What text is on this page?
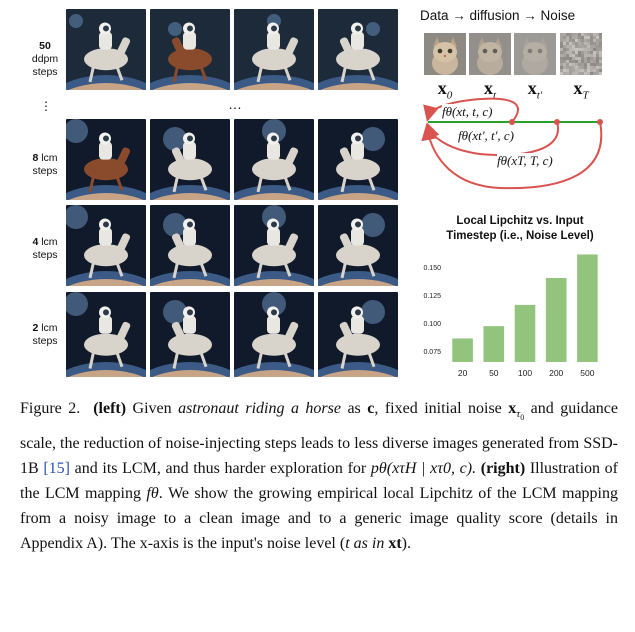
50
ddpm
steps
⋮
8 lcm
steps
4 lcm
steps
2 lcm
steps
…
Data → diffusion → Noise
$x_0$	$x_t$	$x_{t'}$	$x_T$
fθ(xt, t, c)
fθ(xt', t', c)
fθ(xT, T, c)
Local Lipchitz vs. Input
Timestep (i.e., Noise Level)
0.075
0.100
0.125
0.150
20	50 100 200 500
Figure 2. (left) Given astronaut riding a horse as c, fixed initial noise $x_{\tau_0}$ and guidance scale, the reduction of noise-injecting steps leads to less diverse images generated from SSD-1B [15] and its LCM, and thus harder exploration for pθ(xτH | xτ0, c). (right) Illustration of the LCM mapping fθ. We show the growing empirical local Lipchitz of the LCM mapping from a noisy image to a clean image and to a generic image quality score (details in Appendix A). The x-axis is the input's noise level (t as in xt).
